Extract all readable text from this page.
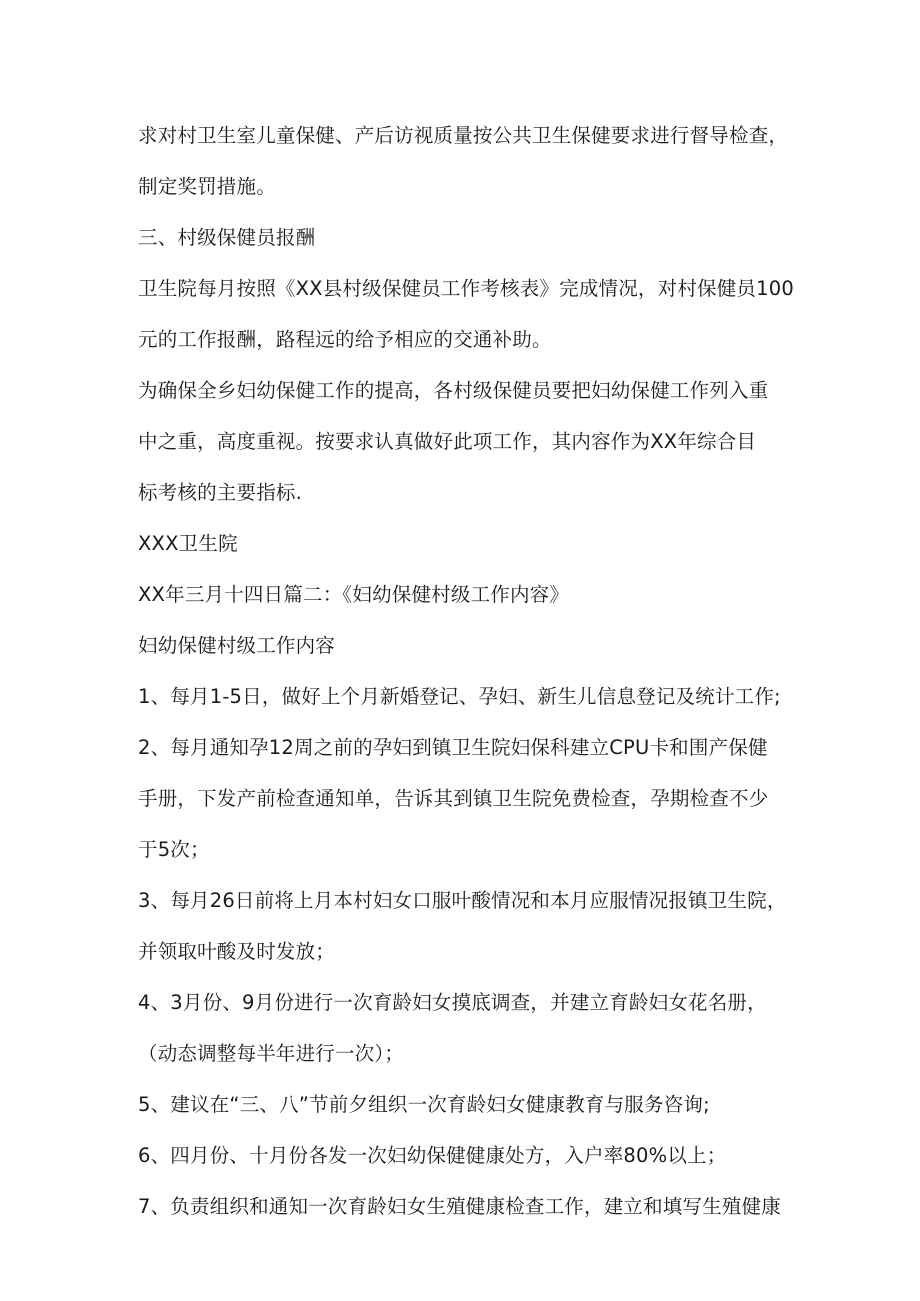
求对村卫生室儿童保健、产后访视质量按公共卫生保健要求进行督导检查，
制定奖罚措施。
三、村级保健员报酬
卫生院每月按照《XX县村级保健员工作考核表》完成情况，对村保健员100
元的工作报酬，路程远的给予相应的交通补助。
为确保全乡妇幼保健工作的提高，各村级保健员要把妇幼保健工作列入重
中之重，高度重视。按要求认真做好此项工作，其内容作为XX年综合目
标考核的主要指标.
XXX卫生院
XX年三月十四日篇二：《妇幼保健村级工作内容》
妇幼保健村级工作内容
1、每月1-5日，做好上个月新婚登记、孕妇、新生儿信息登记及统计工作;
2、每月通知孕12周之前的孕妇到镇卫生院妇保科建立CPU卡和围产保健
手册，下发产前检查通知单，告诉其到镇卫生院免费检查，孕期检查不少
于5次；
3、每月26日前将上月本村妇女口服叶酸情况和本月应服情况报镇卫生院，
并领取叶酸及时发放；
4、3月份、9月份进行一次育龄妇女摸底调查，并建立育龄妇女花名册，
（动态调整每半年进行一次）；
5、建议在“三、八”节前夕组织一次育龄妇女健康教育与服务咨询;
6、四月份、十月份各发一次妇幼保健健康处方，入户率80%以上；
7、负责组织和通知一次育龄妇女生殖健康检查工作，建立和填写生殖健康
